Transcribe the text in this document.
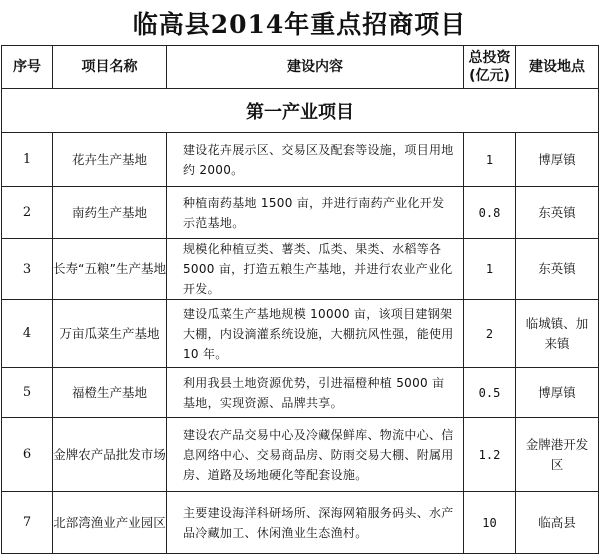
临高县2014年重点招商项目
序号	项目名称	建设内容	总投资(亿元)	建设地点
第一产业项目				
1	花卉生产基地	建设花卉展示区、交易区及配套等设施，项目用地约 2000。	1	博厚镇
2	南药生产基地	种植南药基地 1500 亩，并进行南药产业化开发示范基地。	0.8	东英镇
3	长寿“五粮”生产基地	规模化种植豆类、薯类、瓜类、果类、水稻等各 5000 亩，打造五粮生产基地，并进行农业产业化开发。	1	东英镇
4	万亩瓜菜生产基地	建设瓜菜生产基地规模 10000 亩，该项目建钢架大棚，内设滴灌系统设施，大棚抗风性强，能使用 10 年。	2	临城镇、加来镇
5	福橙生产基地	利用我县土地资源优势，引进福橙种植 5000 亩基地，实现资源、品牌共享。	0.5	博厚镇
6	金牌农产品批发市场	建设农产品交易中心及冷藏保鲜库、物流中心、信息网络中心、交易商品房、防雨交易大棚、附属用房、道路及场地硬化等配套设施。	1.2	金牌港开发区
7	北部湾渔业产业园区	主要建设海洋科研场所、深海网箱服务码头、水产品冷藏加工、休闲渔业生态渔村。	10	临高县
